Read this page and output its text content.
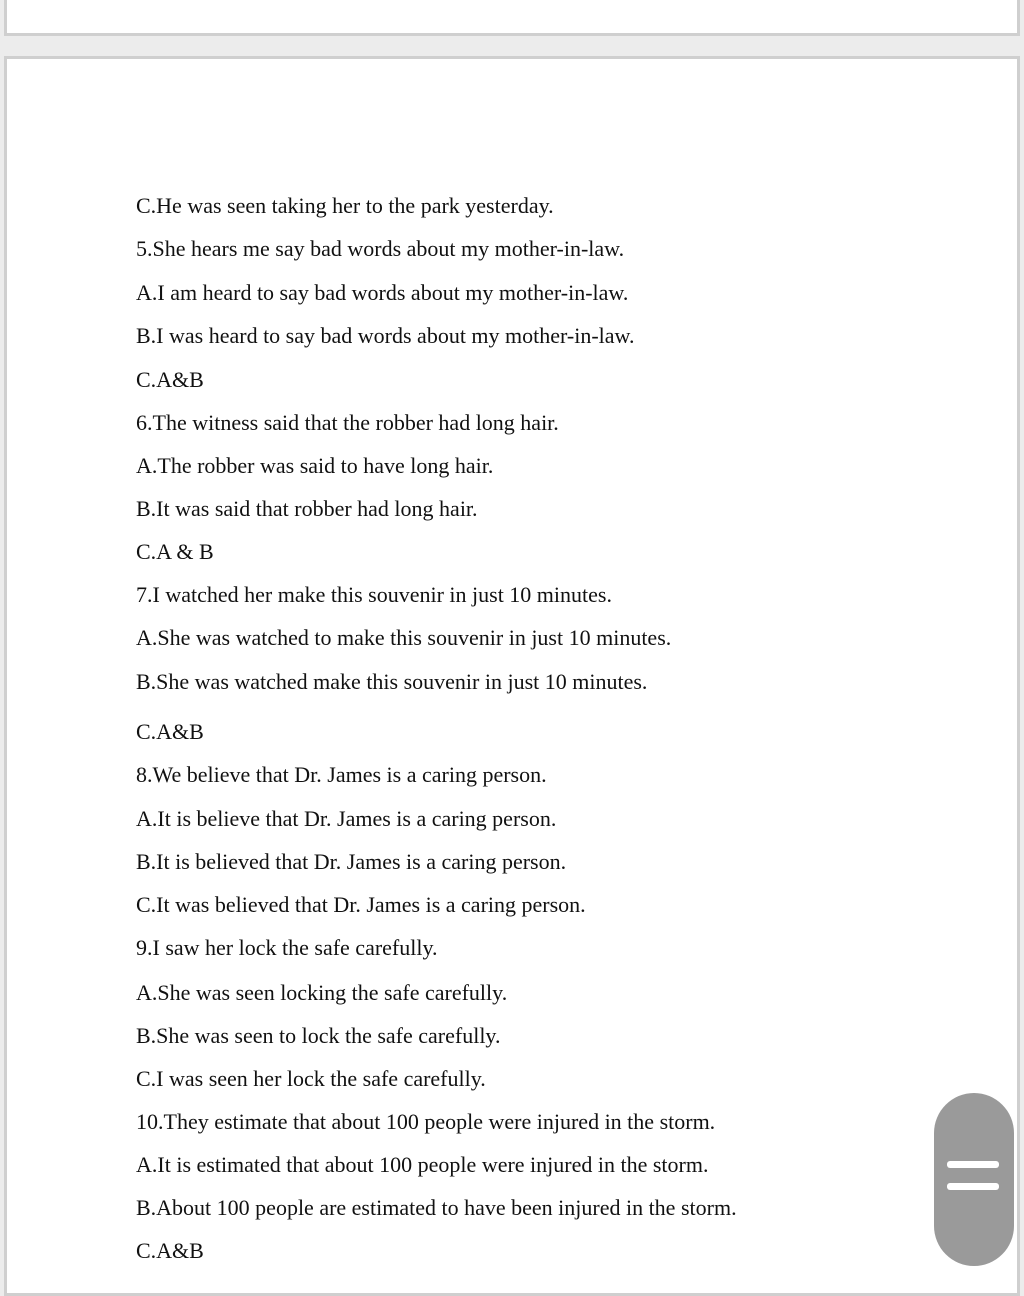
C.He was seen taking her to the park yesterday.

5.She hears me say bad words about my mother-in-law.

A.I am heard to say bad words about my mother-in-law.

B.I was heard to say bad words about my mother-in-law.

C.A&B

6.The witness said that the robber had long hair.

A.The robber was said to have long hair.

B.It was said that robber had long hair.

C.A & B

7.I watched her make this souvenir in just 10 minutes.

A.She was watched to make this souvenir in just 10 minutes.

B.She was watched make this souvenir in just 10 minutes.

C.A&B

8.We believe that Dr. James is a caring person.

A.It is believe that Dr. James is a caring person.

B.It is believed that Dr. James is a caring person.

C.It was believed that Dr. James is a caring person.

9.I saw her lock the safe carefully.

A.She was seen locking the safe carefully.

B.She was seen to lock the safe carefully.

C.I was seen her lock the safe carefully.

10.They estimate that about 100 people were injured in the storm.

A.It is estimated that about 100 people were injured in the storm.

B.About 100 people are estimated to have been injured in the storm.

C.A&B
